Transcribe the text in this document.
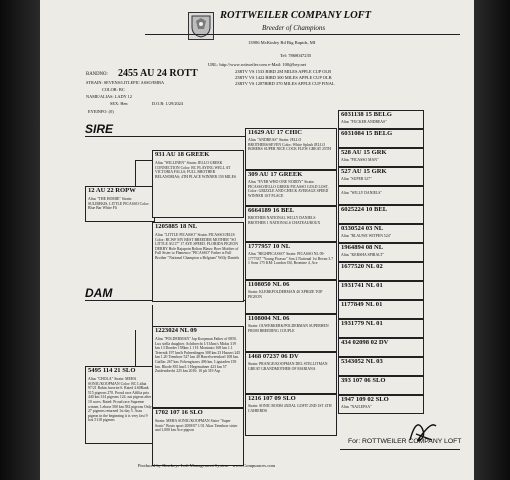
ROTTWEILER COMPANY LOFT
Breeder of Champions
13906 McKinley Rd Big Rapids, MI
Tel: 7868047235
URL: http://www.rottweiler.com e-Mail: 100@hey.net
BANDNO: 2455 AU 24 ROTT
STRAIN: SEVENS/LITLEPIC ASSO/IMBA
COLOR: BC
NAME/ALIAS: LADY 12
SEX: Hen	D.O.B: 1/29/2024
EYEINFO: (0)
23RTV VS 1533 BIRD 2M MILES APPLE CUP OLB
25RTV VS 1422 BIRD 300 MILES APPLE CUP OLB
23RTV VS 1287BIRD 370 MILES APPLE CUP FINAL
SIRE
DAM
12 AU 22 ROPW
Alias "THE HOMIE" Strain: SULIBEKIS, LITTLE PICASSO Color: Blue Bar White Fli
5495 114 21 SLO
Alias "CHOLA" Strain: MEHA SONIC/KOOPMAN Color: BC Lithia 97/21 Rabin favorite 6. Rated 4.60Rank 515 pigeons 270. Proud race Affilia prix 440 km 314 pigeons 124. nat pigeon after 10 races. Rated: Proud race Supreme winner, Lebuse 500 km 582 pigeons Only 27 pigeons returned 1st day 5. Assu pigeon in the beginning it is very fast 9 lost 5118 pigeons
931 AU 18 GREEK
Alias "WILLINEN" Strain: JELLO GREEK CONNECTION Color: BC PLAYING WELL AT VICTORIA FALLS; FULL BROTHER BELANORIAS; 4TH PLACE WINNER 150 MILES
1205885 18 NL
Alias "LITTLE PICASSO" Strain: PICASSO/JELIS Color: BCWF MY BEST BREEDER MOTHER "SO LITTLE AU17" 17 AYE SPEED. FLORIDA PIGEON DERBY Hole Rajapoin Bolton Blauw Boer Moither of Full Sister to Flamenco "PICASSO" Father is Full Brother "National Champion a Belgium" Willy Daniels
1223024 NL 09
Alias "POLDERMAN" Jap Koopman Father of 0850. Lux stella daughter. Achtbrecht 1/13/km/s Midas 319 km 13 Donder 158km 1.1 H. Montauto 168 km 1.1 Teternik 197 km/h Pulnenlingen 308 km 23 Hasseri 245 km 1.20 Tiemborr 527 km 40 Harrelsveenkoel 108 km. Gaillac 267 km. Fohengisarrs 496 km. Liguiaden 159 km. Rhode 835 km/l.1 Hegemahner 423 km 57 Zuidendrecht 225 km 2016: 10 ph 319 Asp
1702 107 16 SLO
Strain: MEHA SONIC/KOOPMAN Sister "Super Sonic" Bosto sport 2008/07 1/31 Alias Tiemborr sister and 1,000 km Ace pigeon
11629 AU 17 CHIC
Alias "ANDREAS" Strain: JELLO BROTHERS/SEVEN Color: White Splash JELLO BORERS SUPER NICE COCK FLEW GREAT 25TH
309 AU 17 GREEK
Alias "EVER WHO ONE NODDY" Strain: PICASSO/JELLO GREEK PICASSO GOLD LOST, Color: GRIZZLE AND CHECK AVERAGE SPEED WINNER 1ST PLACE
6664189 16 BEL
BROTHER NATIONAL WILLY DANIELS BROTHER 1 NATIONALS CHATEAUROUX
1777957 10 NL
Alias "HIGHPICASSO" Strain: PICASSO NL 09-1777337 "Young Picasso" Son 2 National 1st Bevan 3.7 1 Sons 175 KM: London Olf, Bromine 4, Ace
1108050 NL 06
Strain: KLERKPOLDERMAN 40 XPRIZE TOP PIGEON
1108004 NL 06
Strain: OUWERKERK/POLDERMAN SUPERHEN FROM BREEDING COUPLE
1468 07237 06 DV
Strain: PRANGE/KOOPMAN DEL STELLITMAN GREAT GRANDMOTHER OF MARIANA
1216 107 09 SLO
Strain: SONIC BOOM 4XDAL GOFIT 2ND 1ST 4TH CAHIERDS
6031138 15 BELG
Alias "FUCKER ANDREAS"
6031084 15 BELG
528 AU 15 GRK
Alias "PICASSO MAN"
527 AU 15 GRK
Alias "SUPER 527"
Alias "WILLY DANIELS"
6025224 10 BEL
0330524 03 NL
Alias "BLAUWE WITPEN 524"
1964894 08 NL
Alias "KERSHA SPIRALT"
1677520 NL 02
1931741 NL 01
1177849 NL 01
1931779 NL 01
434 02098 02 DV
5343052 NL 03
393 107 06 SLO
1947 109 02 SLO
Alias "NAJLEPSA"
For: ROTTWEILER COMPANY LOFT
Produced by Hawkeye Loft Management System - www.Compuraces.com
